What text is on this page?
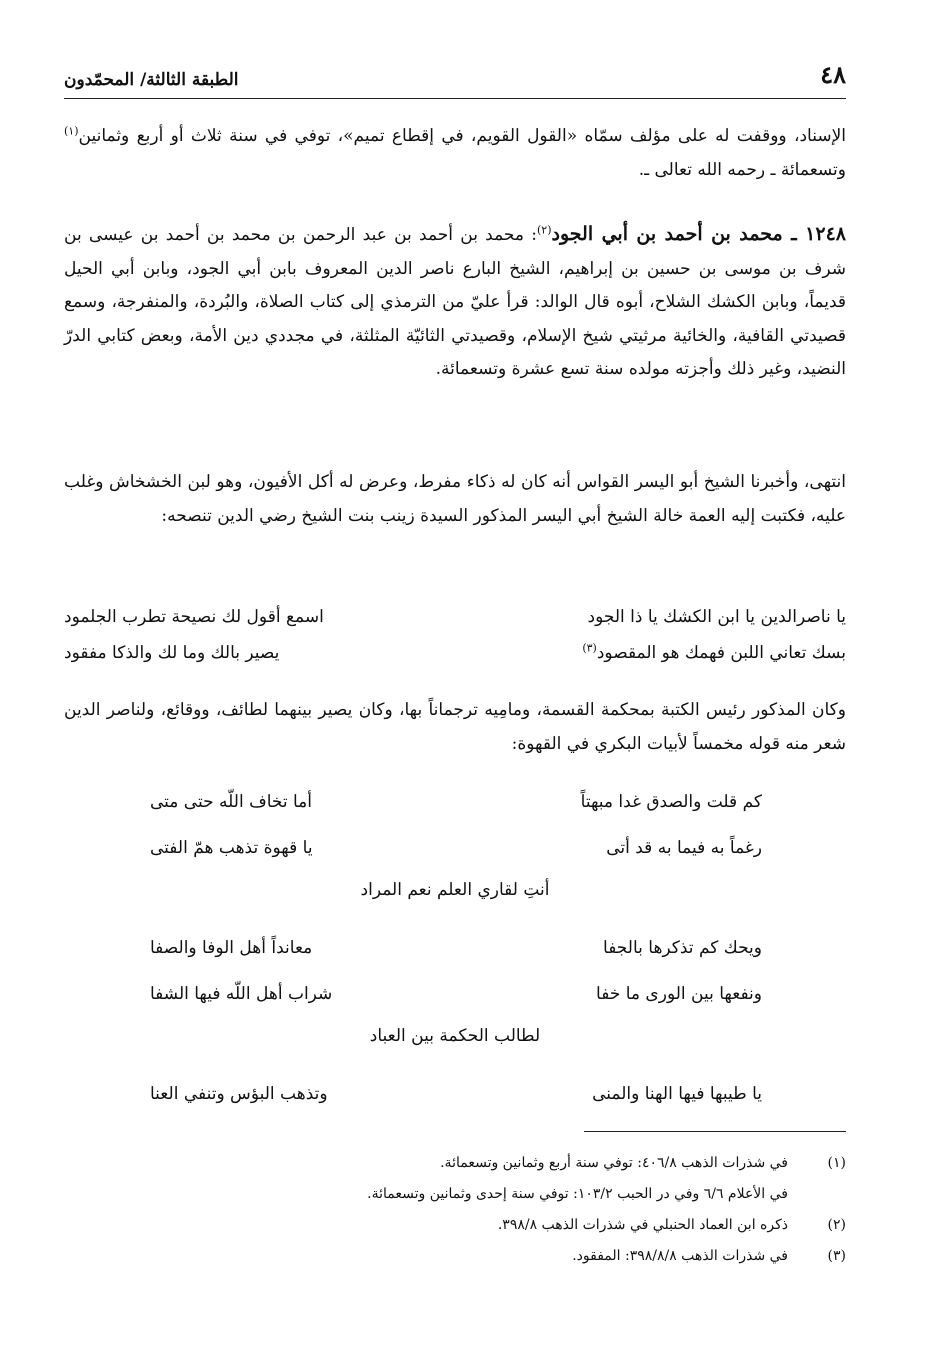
٤٨
الطبقة الثالثة/ المحمّدون
الإسناد، ووقفت له على مؤلف سمّاه «القول القويم، في إقطاع تميم»، توفي في سنة ثلاث أو أربع وثمانين$^{(١)}$ وتسعمائة ـ رحمه الله تعالى ـ.
١٢٤٨ ـ محمد بن أحمد بن أبي الجود$^{(٢)}$: محمد بن أحمد بن عبد الرحمن بن محمد بن أحمد بن عيسى بن شرف بن موسى بن حسين بن إبراهيم، الشيخ البارع ناصر الدين المعروف بابن أبي الجود، وبابن أبي الحيل قديماً، وبابن الكشك الشلاح، أبوه قال الوالد: قرأ عليّ من الترمذي إلى كتاب الصلاة، والبُردة، والمنفرجة، وسمع قصيدتي القافية، والخائية مرثيتي شيخ الإسلام، وقصيدتي الثائيّة المثلثة، في مجددي دين الأمة، وبعض كتابي الدرّ النضيد، وغير ذلك وأجزته مولده سنة تسع عشرة وتسعمائة.
انتهى، وأخبرنا الشيخ أبو اليسر القواس أنه كان له ذكاء مفرط، وعرض له أكل الأفيون، وهو لبن الخشخاش وغلب عليه، فكتبت إليه العمة خالة الشيخ أبي اليسر المذكور السيدة زينب بنت الشيخ رضي الدين تنصحه:
يا ناصرالدين يا ابن الكشك يا ذا الجود
اسمع أقول لك نصيحة تطرب الجلمود
بسك تعاني اللبن فهمك هو المقصود$^{(٣)}$
يصير بالك وما لك والذكا مفقود
وكان المذكور رئيس الكتبة بمحكمة القسمة، ومامِيه ترجماناً بها، وكان يصير بينهما لطائف، ووقائع، ولناصر الدين شعر منه قوله مخمساً لأبيات البكري في القهوة:
كم قلت والصدق غدا مبهتاً
أما تخاف اللّه حتى متى
رغماً به فيما به قد أتى
يا قهوة تذهب همّ الفتى
أنتِ لقاري العلم نعم المراد
ويحك كم تذكرها بالجفا
معانداً أهل الوفا والصفا
ونفعها بين الورى ما خفا
شراب أهل اللّه فيها الشفا
لطالب الحكمة بين العباد
يا طيبها فيها الهنا والمنى
وتذهب البؤس وتنفي العنا
(١)
في شذرات الذهب ٤٠٦/٨: توفي سنة أربع وثمانين وتسعمائة.
في الأعلام ٦/٦ وفي در الحبب ١٠٣/٢: توفي سنة إحدى وثمانين وتسعمائة.
(٢)
ذكره ابن العماد الحنبلي في شذرات الذهب ٣٩٨/٨.
(٣)
في شذرات الذهب ٣٩٨/٨/٨: المفقود.
